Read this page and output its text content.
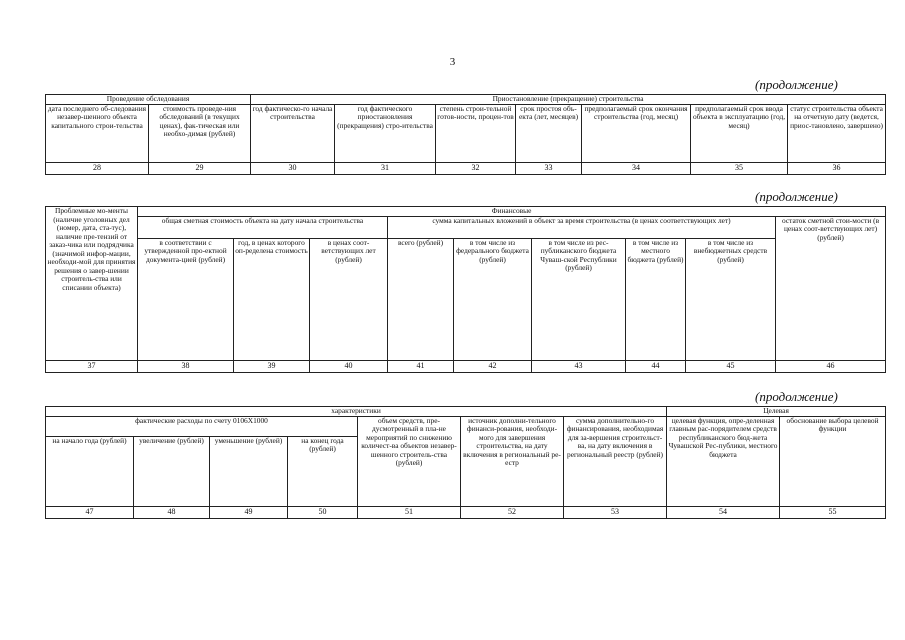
3
(продолжение)
Проведение обследования		Приостановление (прекращение) строительства						
дата последнего об-следования незавер-шенного объекта капитального строи-тельства	стоимость проведе-ния обследований (в текущих ценах), фак-тическая или необхо-димая (рублей)	год фактическо-го начала строительства	год фактического приостановления (прекращения) стро-ительства	степень строи-тельной готов-ности, процен-тов	срок простоя объ-екта (лет, месяцев)	предполагаемый срок окончания строительства (год, месяц)	предполагаемый срок ввода объекта в эксплуатацию (год, месяц)	статус строительства объекта на отчетную дату (ведется, приос-тановлено, завершено)
28	29	30	31	32	33	34	35	36
(продолжение)
Проблемные мо-менты (наличие уголовных дел (номер, дата, ста-тус), наличие пре-тензий от заказ-чика или подрядчика (значимой инфор-мации, необходи-мой для принятия решения о завер-шении строитель-ства или списании объекта)	Финансовые								
	общая сметная стоимость объекта на дату начала строительства			сумма капитальных вложений в объект за время строительства (в ценах соответствующих лет)					остаток сметной стои-мости (в ценах соот-ветствующих лет) (рублей)
	в соответствии с утвержденной про-ектной документа-цией (рублей)	год, в ценах которого оп-ределена стоимость	в ценах соот-ветствующих лет (рублей)	всего (рублей)	в том числе из федерального бюджета (рублей)	в том числе из рес-публиканского бюджета Чуваш-ской Республики (рублей)	в том числе из местного бюджета (рублей)	в том числе из внебюджетных средств (рублей)	
37	38	39	40	41	42	43	44	45	46
(продолжение)
характеристики							Целевая	
фактические расходы по счету 0106X1000				объем средств, пре-дусмотренный в пла-не мероприятий по снижению количест-ва объектов незавер-шенного строитель-ства (рублей)	источник дополни-тельного финанси-рования, необходи-мого для завершения строительства, на дату включения в региональный ре-естр	сумма дополнительно-го финансирования, необходимая для за-вершения строительст-ва, на дату включения в региональный реестр (рублей)	целевая функция, опре-деленная главным рас-порядителем средств республиканского бюд-жета Чувашской Рес-публики, местного бюджета	обоснование выбора целевой функции
на начало года (рублей)	увеличение (рублей)	уменьшение (рублей)	на конец года (рублей)					
47	48	49	50	51	52	53	54	55
